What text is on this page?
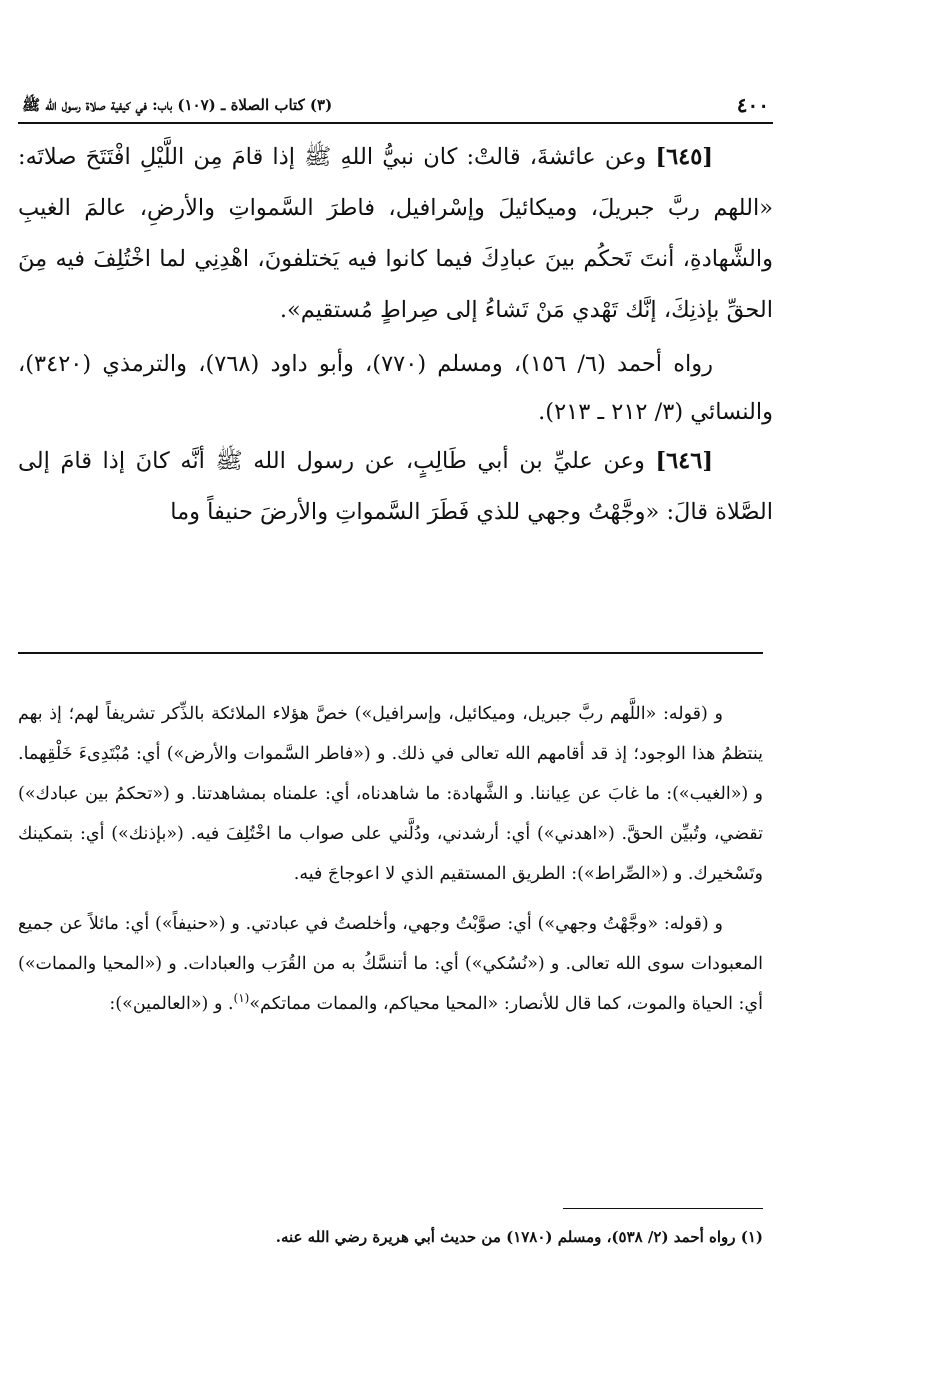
٤٠٠
(٣) كتاب الصلاة ـ (١٠٧) باب: في كيفية صلاة رسول الله ﷺ

[٦٤٥] وعن عائشةَ، قالتْ: كان نبيُّ اللهِ ﷺ إذا قامَ مِن اللَّيْلِ افْتَتَحَ صلاتَه: «اللهم ربَّ جبريلَ، وميكائيلَ وإسْرافيل، فاطرَ السَّمواتِ والأرضِ، عالمَ الغيبِ والشَّهادةِ، أنتَ تَحكُم بينَ عبادِكَ فيما كانوا فيه يَختلفونَ، اهْدِنِي لما اخْتُلِفَ فيه مِنَ الحقِّ بإذنِكَ، إنَّك تَهْدي مَنْ تَشاءُ إلى صِراطٍ مُستقيم».

رواه أحمد (٦/ ١٥٦)، ومسلم (٧٧٠)، وأبو داود (٧٦٨)، والترمذي (٣٤٢٠)، والنسائي (٣/ ٢١٢ ـ ٢١٣).

[٦٤٦] وعن عليِّ بن أبي طَالِبٍ، عن رسول الله ﷺ أنَّه كانَ إذا قامَ إلى الصَّلاة قالَ: «وجَّهْتُ وجهي للذي فَطَرَ السَّمواتِ والأرضَ حنيفاً وما

و (قوله: «اللَّهم ربَّ جبريل، وميكائيل، وإسرافيل») خصَّ هؤلاء الملائكة بالذِّكر تشريفاً لهم؛ إذ بهم ينتظمُ هذا الوجود؛ إذ قد أقامهم الله تعالى في ذلك. و («فاطر السَّموات والأرض») أي: مُبْتَدِىءَ خَلْقِهما. و («الغيب»): ما غابَ عن عِياننا. و الشَّهادة: ما شاهدناه، أي: علمناه بمشاهدتنا. و («تحكمُ بين عبادك») تقضي، وتُبيِّن الحقَّ. («اهدني») أي: أرشدني، ودُلَّني على صواب ما اخْتُلِفَ فيه. («بإذنك») أي: بتمكينك وتَسْخيرك. و («الصِّراط»): الطريق المستقيم الذي لا اعوجاجَ فيه.

و (قوله: «وجَّهْتُ وجهي») أي: صوَّبْتُ وجهي، وأخلصتُ في عبادتي. و («حنيفاً») أي: مائلاً عن جميع المعبودات سوى الله تعالى. و («نُسُكي») أي: ما أتنسَّكُ به من القُرَب والعبادات. و («المحيا والممات») أي: الحياة والموت، كما قال للأنصار: «المحيا محياكم، والممات مماتكم»$^{(١)}$. و («العالمين»):

(١) رواه أحمد (٢/ ٥٣٨)، ومسلم (١٧٨٠) من حديث أبي هريرة رضي الله عنه.
